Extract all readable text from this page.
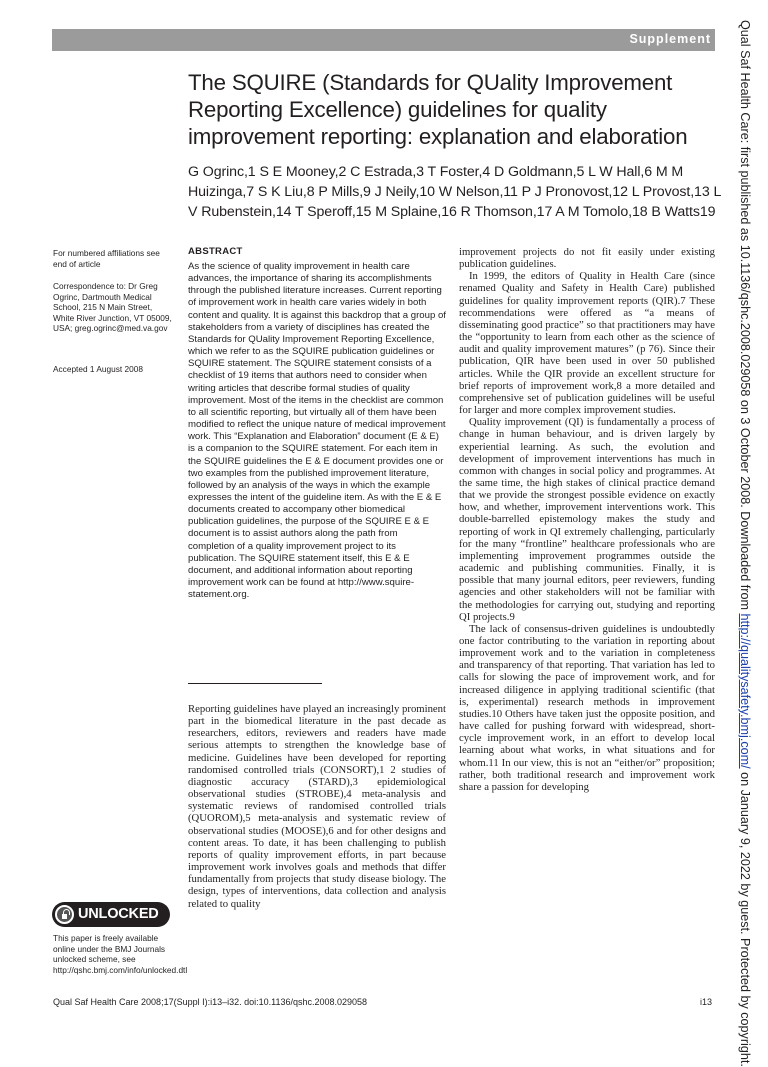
Supplement
The SQUIRE (Standards for QUality Improvement Reporting Excellence) guidelines for quality improvement reporting: explanation and elaboration
G Ogrinc,1 S E Mooney,2 C Estrada,3 T Foster,4 D Goldmann,5 L W Hall,6 M M Huizinga,7 S K Liu,8 P Mills,9 J Neily,10 W Nelson,11 P J Pronovost,12 L Provost,13 L V Rubenstein,14 T Speroff,15 M Splaine,16 R Thomson,17 A M Tomolo,18 B Watts19
For numbered affiliations see end of article
Correspondence to: Dr Greg Ogrinc, Dartmouth Medical School, 215 N Main Street, White River Junction, VT 05009, USA; greg.ogrinc@med.va.gov
Accepted 1 August 2008
ABSTRACT
As the science of quality improvement in health care advances, the importance of sharing its accomplishments through the published literature increases. Current reporting of improvement work in health care varies widely in both content and quality. It is against this backdrop that a group of stakeholders from a variety of disciplines has created the Standards for QUality Improvement Reporting Excellence, which we refer to as the SQUIRE publication guidelines or SQUIRE statement. The SQUIRE statement consists of a checklist of 19 items that authors need to consider when writing articles that describe formal studies of quality improvement. Most of the items in the checklist are common to all scientific reporting, but virtually all of them have been modified to reflect the unique nature of medical improvement work. This “Explanation and Elaboration” document (E & E) is a companion to the SQUIRE statement. For each item in the SQUIRE guidelines the E & E document provides one or two examples from the published improvement literature, followed by an analysis of the ways in which the example expresses the intent of the guideline item. As with the E & E documents created to accompany other biomedical publication guidelines, the purpose of the SQUIRE E & E document is to assist authors along the path from completion of a quality improvement project to its publication. The SQUIRE statement itself, this E & E document, and additional information about reporting improvement work can be found at http://www.squire-statement.org.

Reporting guidelines have played an increasingly prominent part in the biomedical literature in the past decade as researchers, editors, reviewers and readers have made serious attempts to strengthen the knowledge base of medicine. Guidelines have been developed for reporting randomised controlled trials (CONSORT),1 2 studies of diagnostic accuracy (STARD),3 epidemiological observational studies (STROBE),4 meta-analysis and systematic reviews of randomised controlled trials (QUOROM),5 meta-analysis and systematic review of observational studies (MOOSE),6 and for other designs and content areas. To date, it has been challenging to publish reports of quality improvement efforts, in part because improvement work involves goals and methods that differ fundamentally from projects that study disease biology. The design, types of interventions, data collection and analysis related to quality

improvement projects do not fit easily under existing publication guidelines.

In 1999, the editors of Quality in Health Care (since renamed Quality and Safety in Health Care) published guidelines for quality improvement reports (QIR).7 These recommendations were offered as “a means of disseminating good practice” so that practitioners may have the “opportunity to learn from each other as the science of audit and quality improvement matures” (p 76). Since their publication, QIR have been used in over 50 published articles. While the QIR provide an excellent structure for brief reports of improvement work,8 a more detailed and comprehensive set of publication guidelines will be useful for larger and more complex improvement studies.

Quality improvement (QI) is fundamentally a process of change in human behaviour, and is driven largely by experiential learning. As such, the evolution and development of improvement interventions has much in common with changes in social policy and programmes. At the same time, the high stakes of clinical practice demand that we provide the strongest possible evidence on exactly how, and whether, improvement interventions work. This double-barrelled epistemology makes the study and reporting of work in QI extremely challenging, particularly for the many “frontline” healthcare professionals who are implementing improvement programmes outside the academic and publishing communities. Finally, it is possible that many journal editors, peer reviewers, funding agencies and other stakeholders will not be familiar with the methodologies for carrying out, studying and reporting QI projects.9

The lack of consensus-driven guidelines is undoubtedly one factor contributing to the variation in reporting about improvement work and to the variation in completeness and transparency of that reporting. That variation has led to calls for slowing the pace of improvement work, and for increased diligence in applying traditional scientific (that is, experimental) research methods in improvement studies.10 Others have taken just the opposite position, and have called for pushing forward with widespread, short-cycle improvement work, in an effort to develop local learning about what works, in what situations and for whom.11 In our view, this is not an “either/or” proposition; rather, both traditional research and improvement work share a passion for developing

UNLOCKED
This paper is freely available online under the BMJ Journals unlocked scheme, see http://qshc.bmj.com/info/unlocked.dtl
Qual Saf Health Care 2008;17(Suppl I):i13–i32. doi:10.1136/qshc.2008.029058	i13
Qual Saf Health Care: first published as 10.1136/qshc.2008.029058 on 3 October 2008. Downloaded from http://qualitysafety.bmj.com/ on January 9, 2022 by guest. Protected by copyright.
